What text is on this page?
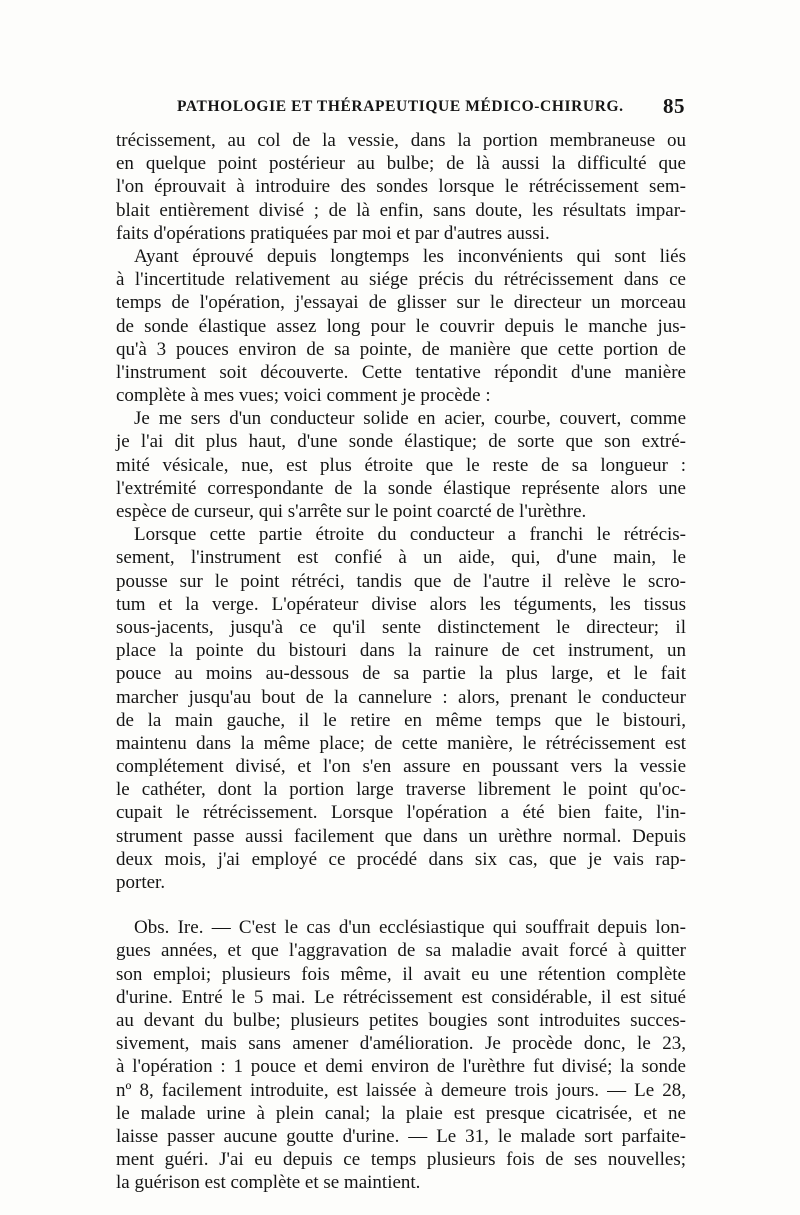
PATHOLOGIE ET THÉRAPEUTIQUE MÉDICO-CHIRURG. 85

trécissement, au col de la vessie, dans la portion membraneuse ou
en quelque point postérieur au bulbe; de là aussi la difficulté que
l'on éprouvait à introduire des sondes lorsque le rétrécissement sem-
blait entièrement divisé ; de là enfin, sans doute, les résultats impar-
faits d'opérations pratiquées par moi et par d'autres aussi.

Ayant éprouvé depuis longtemps les inconvénients qui sont liés
à l'incertitude relativement au siége précis du rétrécissement dans ce
temps de l'opération, j'essayai de glisser sur le directeur un morceau
de sonde élastique assez long pour le couvrir depuis le manche jus-
qu'à 3 pouces environ de sa pointe, de manière que cette portion de
l'instrument soit découverte. Cette tentative répondit d'une manière
complète à mes vues; voici comment je procède :

Je me sers d'un conducteur solide en acier, courbe, couvert, comme
je l'ai dit plus haut, d'une sonde élastique; de sorte que son extré-
mité vésicale, nue, est plus étroite que le reste de sa longueur :
l'extrémité correspondante de la sonde élastique représente alors une
espèce de curseur, qui s'arrête sur le point coarcté de l'urèthre.

Lorsque cette partie étroite du conducteur a franchi le rétrécis-
sement, l'instrument est confié à un aide, qui, d'une main, le
pousse sur le point rétréci, tandis que de l'autre il relève le scro-
tum et la verge. L'opérateur divise alors les téguments, les tissus
sous-jacents, jusqu'à ce qu'il sente distinctement le directeur; il
place la pointe du bistouri dans la rainure de cet instrument, un
pouce au moins au-dessous de sa partie la plus large, et le fait
marcher jusqu'au bout de la cannelure : alors, prenant le conducteur
de la main gauche, il le retire en même temps que le bistouri,
maintenu dans la même place; de cette manière, le rétrécissement est
complétement divisé, et l'on s'en assure en poussant vers la vessie
le cathéter, dont la portion large traverse librement le point qu'oc-
cupait le rétrécissement. Lorsque l'opération a été bien faite, l'in-
strument passe aussi facilement que dans un urèthre normal. Depuis
deux mois, j'ai employé ce procédé dans six cas, que je vais rap-
porter.

Obs. Ire. — C'est le cas d'un ecclésiastique qui souffrait depuis lon-
gues années, et que l'aggravation de sa maladie avait forcé à quitter
son emploi; plusieurs fois même, il avait eu une rétention complète
d'urine. Entré le 5 mai. Le rétrécissement est considérable, il est situé
au devant du bulbe; plusieurs petites bougies sont introduites succes-
sivement, mais sans amener d'amélioration. Je procède donc, le 23,
à l'opération : 1 pouce et demi environ de l'urèthre fut divisé; la sonde
nº 8, facilement introduite, est laissée à demeure trois jours. — Le 28,
le malade urine à plein canal; la plaie est presque cicatrisée, et ne
laisse passer aucune goutte d'urine. — Le 31, le malade sort parfaite-
ment guéri. J'ai eu depuis ce temps plusieurs fois de ses nouvelles;
la guérison est complète et se maintient.
